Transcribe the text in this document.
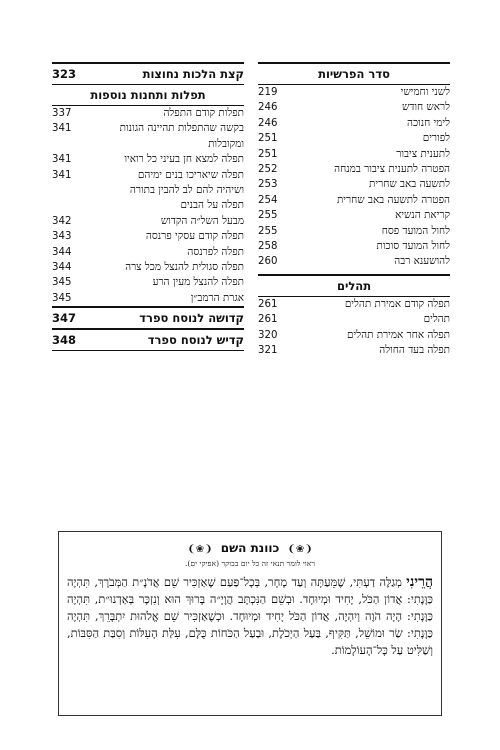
סדר הפרשיות
לשני וחמישי
219
לראש חודש
246
לימי חנוכה
246
לפורים
251
לתענית ציבור
251
הפטרה לתענית ציבור במנחה
252
לתשעה באב שחרית
253
הפטרה לתשעה באב שחרית
254
קריאת הנשיא
255
לחול המועד פסח
255
לחול המועד סוכות
258
להושענא רבה
260
תהלים
תפלה קודם אמירת תהלים
261
תהלים
261
תפלה אחר אמירת תהלים
320
תפלה בעד החולה
321
קצת הלכות נחוצות
323
תפלות ותחנות נוספות
תפלות קודם התפלה
337
בקשה שהתפלות תהיינה הגונות
ומקובלות
341
תפלה למצא חן בעיני כל רואיו
341
תפלה שיאריכו בנים ימיהם
ושיהיה להם לב להבין בתורה
341
תפלה על הבנים
מבעל השל״ה הקדוש
342
תפלה קודם עסקי פרנסה
343
תפלה לפרנסה
344
תפלה סגולית להנצל מכל צרה
344
תפלה להנצל מעין הרע
345
אגרת הרמב״ן
345
קדושה לנוסח ספרד
347
קדיש לנוסח ספרד
348
❨❀❩ כוונת השם ❨❀❩
ראוי לומר תנאי זה כל יום בבוקר (אפיקי ים).
הֲרֵינִי מְגַלֶּה דַעְתִּי, שֶׁמֵּעַתָּה וְעַד מָחָר, בְּכָל־פַּעַם שֶׁאַזְכִּיר שֵׁם אֲדֹנָ״ת הַמְּבֹרָךְ, תִּהְיֶה כַּוָּנָתִי: אֲדוֹן הַכֹּל, יָחִיד וּמְיוּחָד. וּבְשֵׁם הַנִּכְתָּב הֲוָיָ״ה בָּרוּךְ הוּא וְנִזְכָּר בְּאַדְנוּ״ת, תִּהְיֶה כַּוָּנָתִי: הָיָה הֹוֶה וְיִהְיֶה, אֲדוֹן הַכֹּל יָחִיד וּמְיוּחָד. וּכְשֶׁאַזְכִּיר שֵׁם אֱלֹהוּת יִתְבָּרֵךְ, תִּהְיֶה כַּוָּנָתִי: שַׂר וּמוֹשֵׁל, תַּקִּיף, בַּעַל הַיְכֹלֶת, וּבַעַל הַכֹּחוֹת כֻּלָּם, עִלַּת הָעִלּוֹת וְסִבַּת הַסִּבּוֹת, וְשַׁלִּיט עַל כָּל־הָעוֹלָמוֹת.
